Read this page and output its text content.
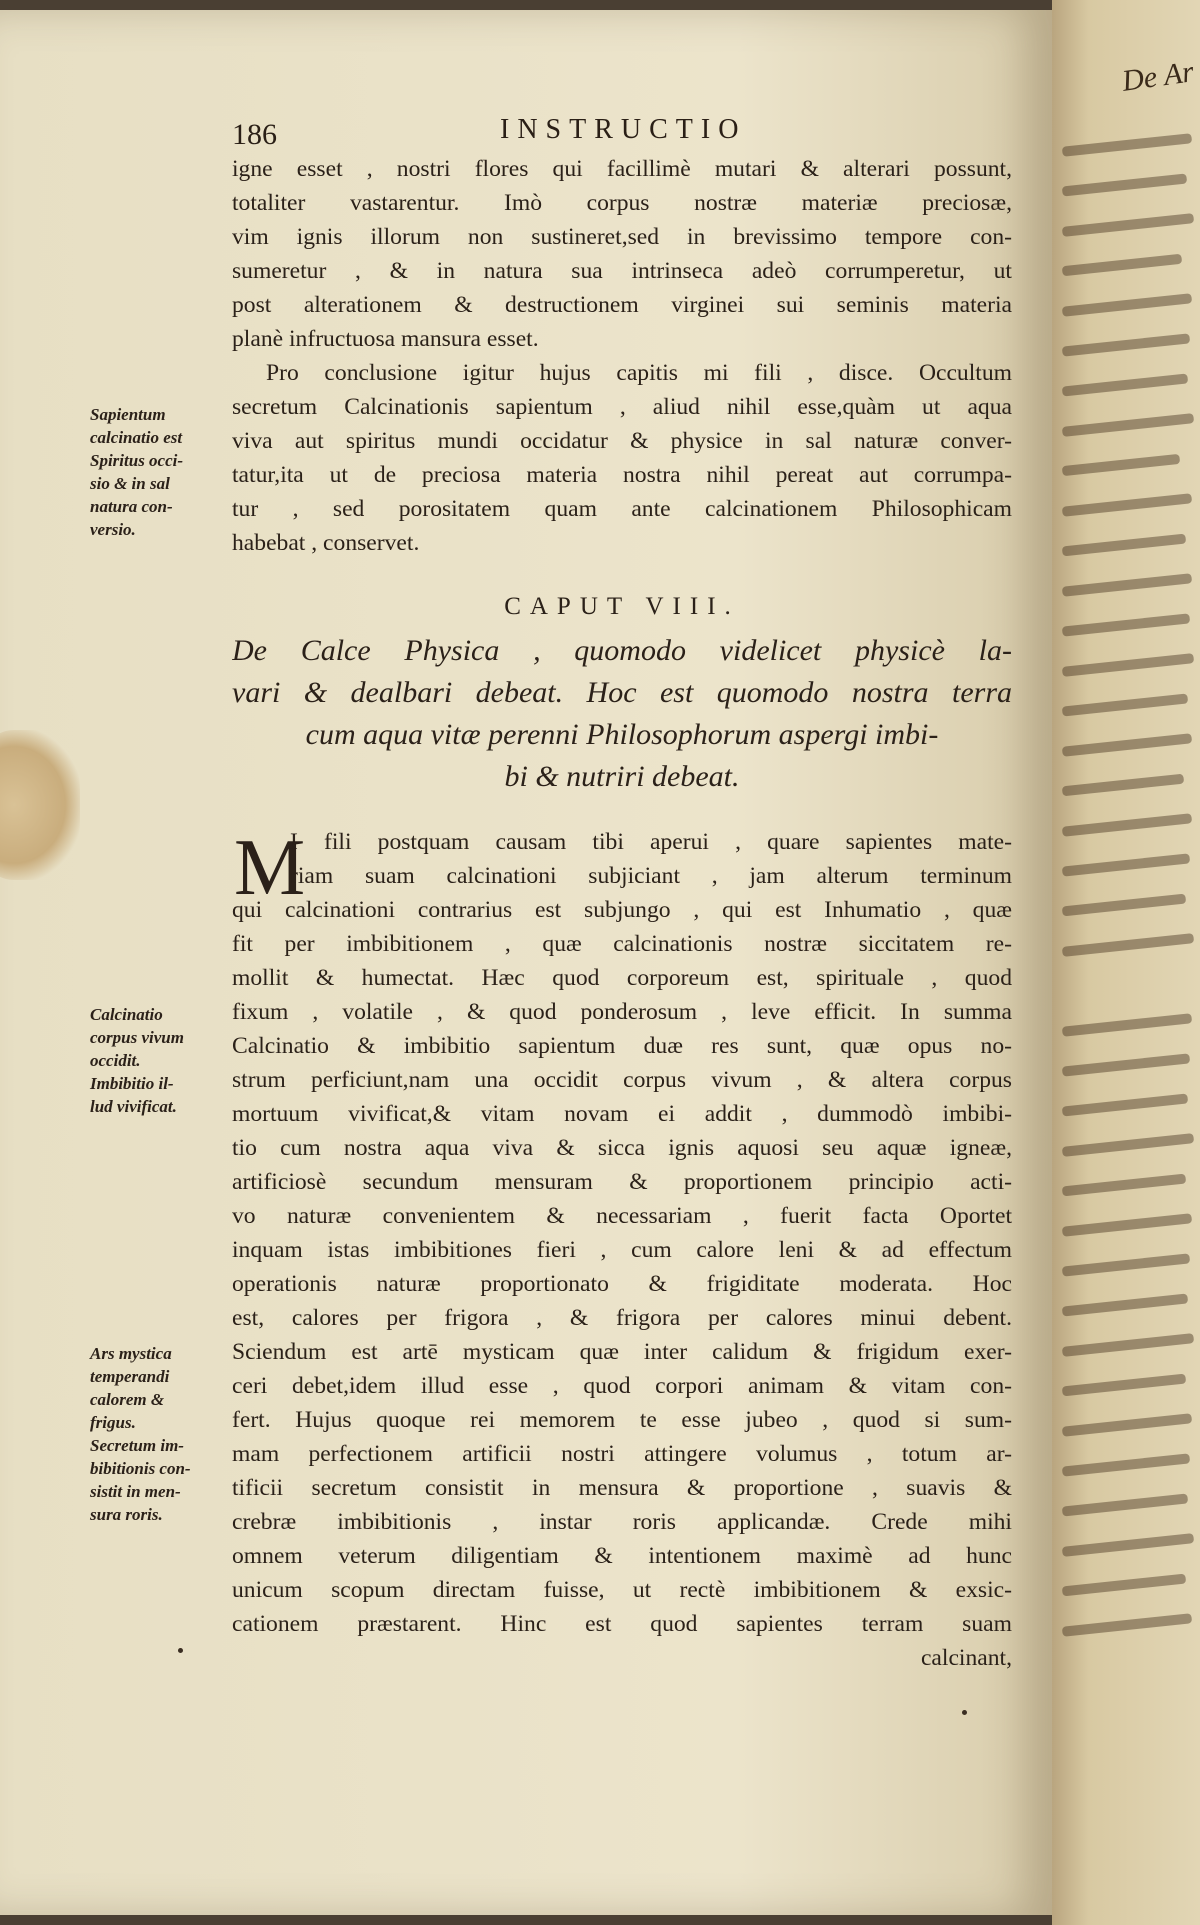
186	INSTRUCTIO
igne esset , nostri flores qui facillimè mutari & alterari possunt,
totaliter vastarentur. Imò corpus nostræ materiæ preciosæ,
vim ignis illorum non sustineret,sed in brevissimo tempore con-
sumeretur , & in natura sua intrinseca adeò corrumperetur, ut
post alterationem & destructionem virginei sui seminis materia
planè infructuosa mansura esset.
Pro conclusione igitur hujus capitis mi fili , disce. Occultum
secretum Calcinationis sapientum , aliud nihil esse,quàm ut aqua
viva aut spiritus mundi occidatur & physice in sal naturæ conver-
tatur,ita ut de preciosa materia nostra nihil pereat aut corrumpa-
tur , sed porositatem quam ante calcinationem Philosophicam
habebat , conservet.
Sapientum
calcinatio est
Spiritus occi-
sio & in sal
natura con-
versio.
CAPUT VIII.
De Calce Physica , quomodo videlicet physicè la-
vari & dealbari debeat. Hoc est quomodo nostra terra
cum aqua vitæ perenni Philosophorum aspergi imbi-
bi & nutriri debeat.
M
I fili postquam causam tibi aperui , quare sapientes mate-
riam suam calcinationi subjiciant , jam alterum terminum
qui calcinationi contrarius est subjungo , qui est Inhumatio , quæ
fit per imbibitionem , quæ calcinationis nostræ siccitatem re-
mollit & humectat. Hæc quod corporeum est, spirituale , quod
fixum , volatile , & quod ponderosum , leve efficit. In summa
Calcinatio & imbibitio sapientum duæ res sunt, quæ opus no-
strum perficiunt,nam una occidit corpus vivum , & altera corpus
mortuum vivificat,& vitam novam ei addit , dummodò imbibi-
tio cum nostra aqua viva & sicca ignis aquosi seu aquæ igneæ,
artificiosè secundum mensuram & proportionem principio acti-
vo naturæ convenientem & necessariam , fuerit facta Oportet
inquam istas imbibitiones fieri , cum calore leni & ad effectum
operationis naturæ proportionato & frigiditate moderata. Hoc
est, calores per frigora , & frigora per calores minui debent.
Sciendum est artē mysticam quæ inter calidum & frigidum exer-
ceri debet,idem illud esse , quod corpori animam & vitam con-
fert. Hujus quoque rei memorem te esse jubeo , quod si sum-
mam perfectionem artificii nostri attingere volumus , totum ar-
tificii secretum consistit in mensura & proportione , suavis &
crebræ imbibitionis , instar roris applicandæ. Crede mihi
omnem veterum diligentiam & intentionem maximè ad hunc
unicum scopum directam fuisse, ut rectè imbibitionem & exsic-
cationem præstarent. Hinc est quod sapientes terram suam
calcinant,
Calcinatio
corpus vivum
occidit.
Imbibitio il-
lud vivificat.
Ars mystica
temperandi
calorem &
frigus.
Secretum im-
bibitionis con-
sistit in men-
sura roris.
De Ar
